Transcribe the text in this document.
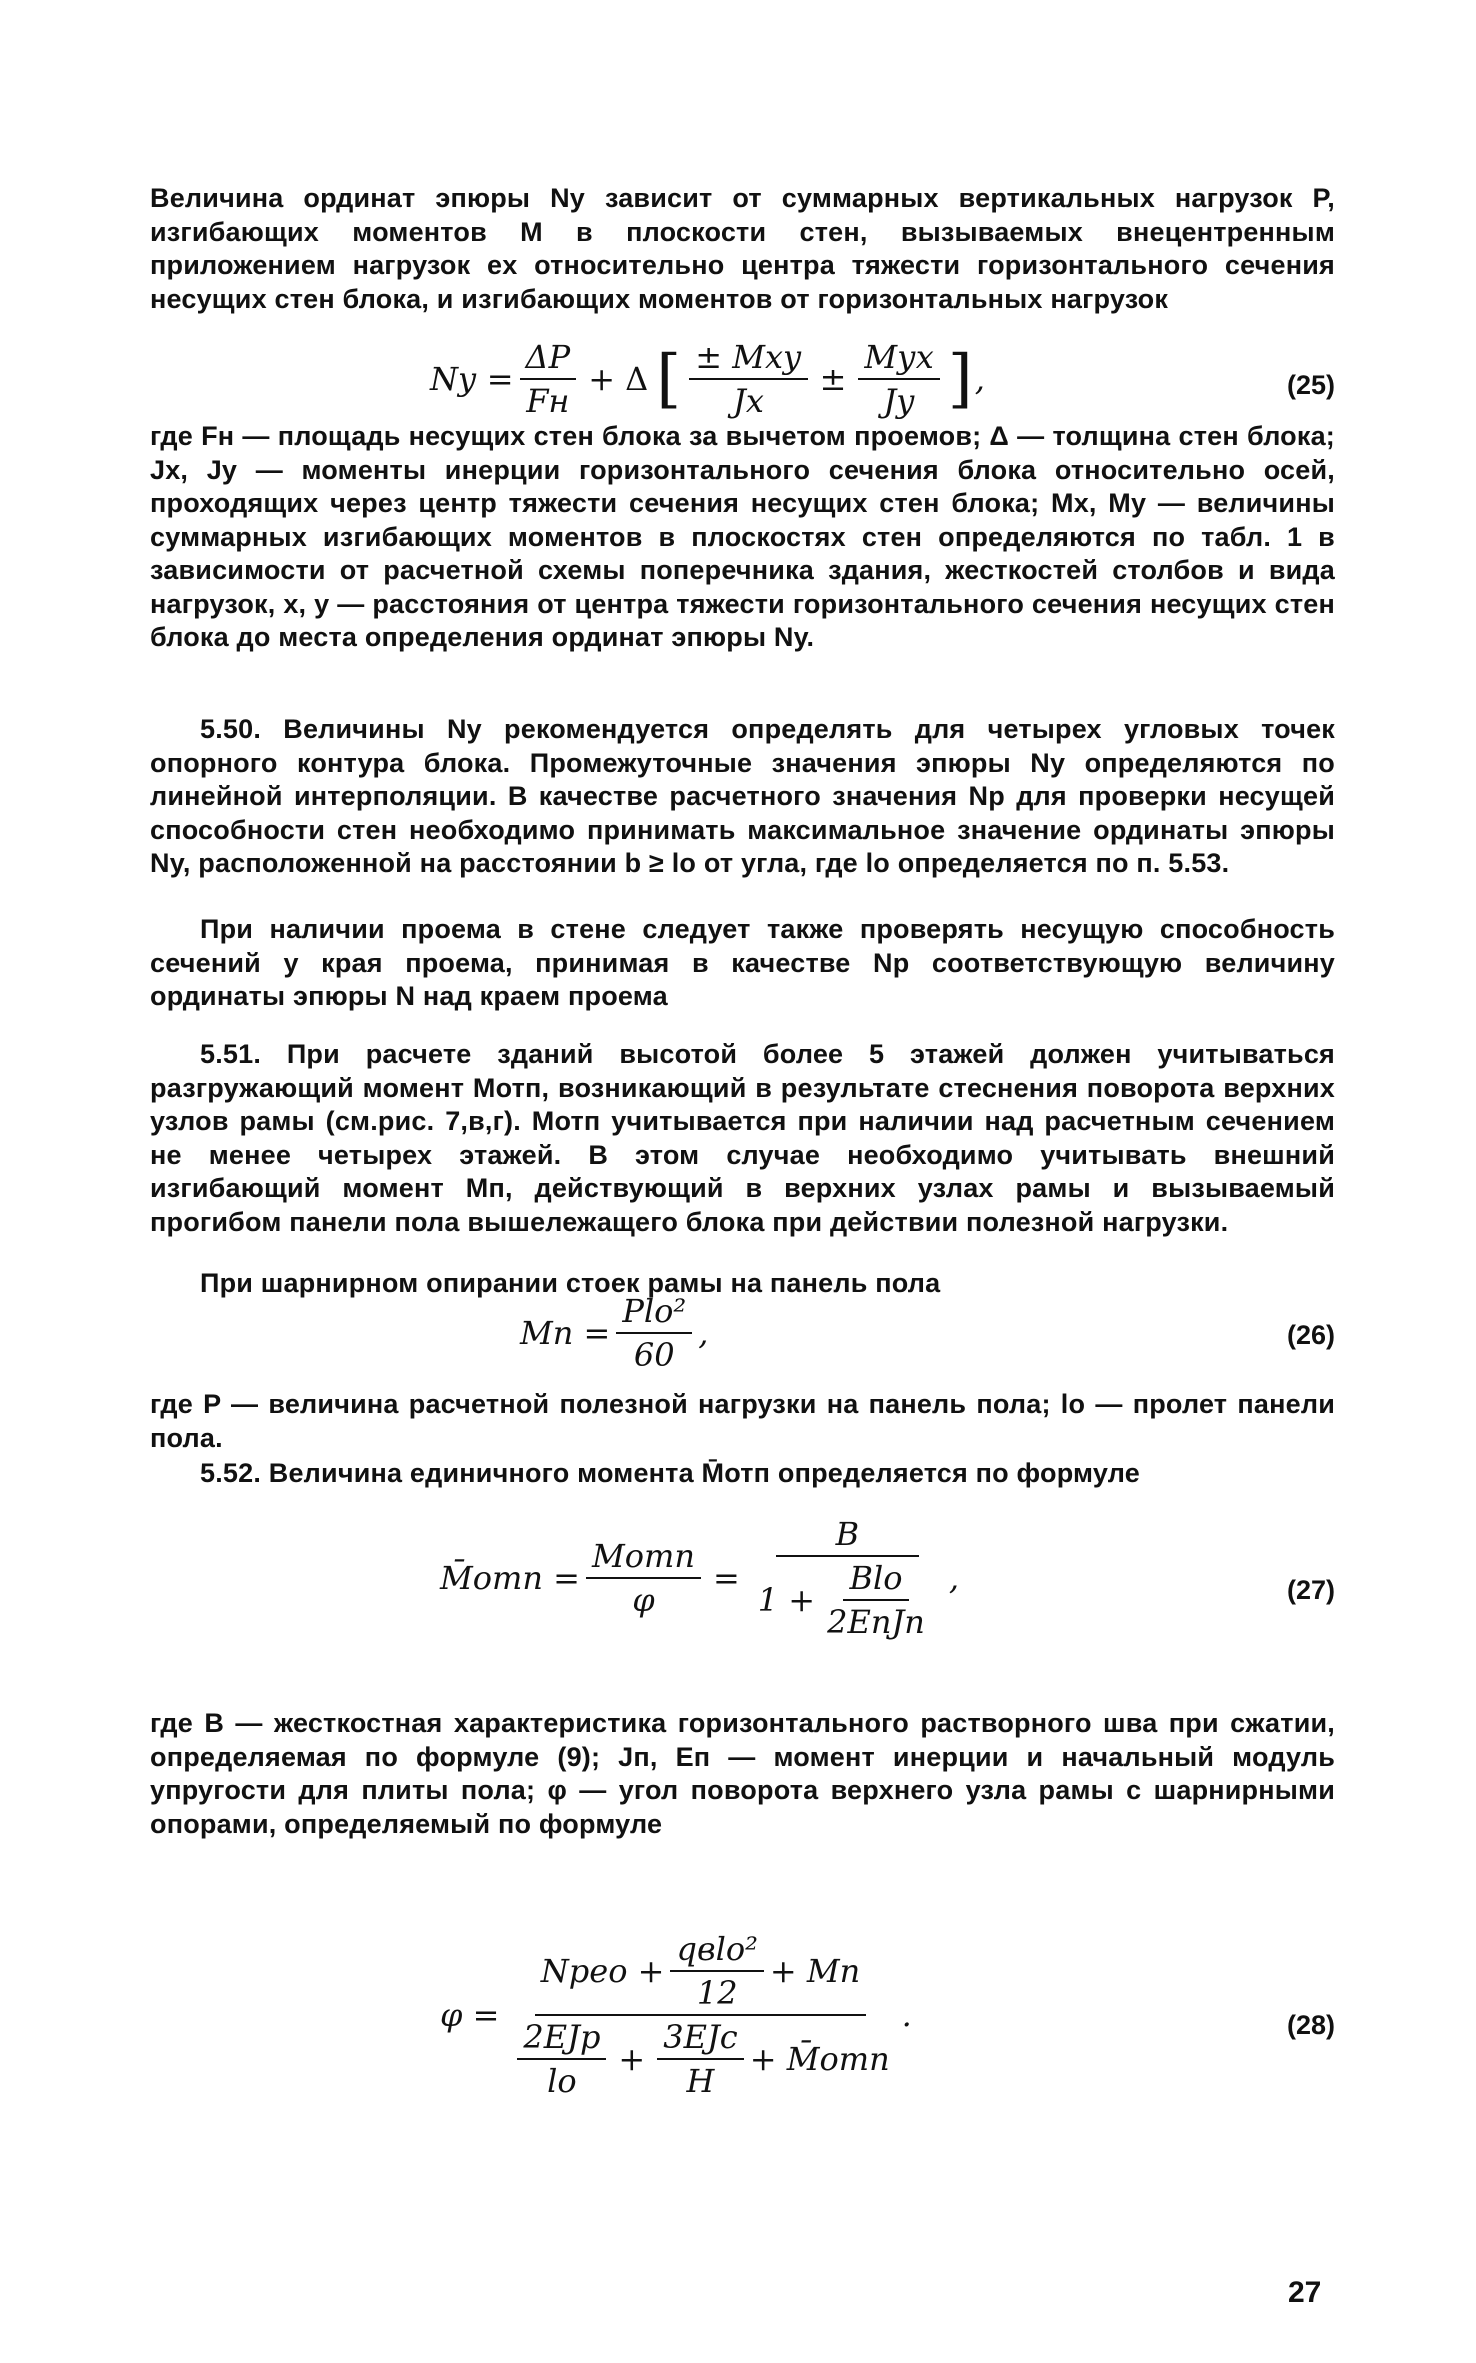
Величина ординат эпюры Nу зависит от суммарных вертикальных нагрузок P, изгибающих моментов M в плоскости стен, вызываемых внецентренным приложением нагрузок ex относительно центра тяжести горизонтального сечения несущих стен блока, и изгибающих моментов от горизонтальных нагрузок

Nу = $\frac{\Delta P}{Fн} + \Delta$ [ $\frac{\text{± Mxу}}{Jx} \pm \frac{\text{Mуx}}{Jу}$ ] ,	(25)

где Fн — площадь несущих стен блока за вычетом проемов; Δ — толщина стен блока; Jx, Jу — моменты инерции горизонтального сечения блока относительно осей, проходящих через центр тяжести сечения несущих стен блока; Mx, Mу — величины суммарных изгибающих моментов в плоскостях стен определяются по табл. 1 в зависимости от расчетной схемы поперечника здания, жесткостей столбов и вида нагрузок, x, у — расстояния от центра тяжести горизонтального сечения несущих стен блока до места определения ординат эпюры Nу.

5.50. Величины Nу рекомендуется определять для четырех угловых точек опорного контура блока. Промежуточные значения эпюры Nу определяются по линейной интерполяции. В качестве расчетного значения Np для проверки несущей способности стен необходимо принимать максимальное значение ординаты эпюры Nу, расположенной на расстоянии b ≥ lo от угла, где lo определяется по п. 5.53.

При наличии проема в стене следует также проверять несущую способность сечений у края проема, принимая в качестве Np соответствующую величину ординаты эпюры N над краем проема

5.51. При расчете зданий высотой более 5 этажей должен учитываться разгружающий момент Mотп, возникающий в результате стеснения поворота верхних узлов рамы (см.рис. 7,в,г). Mотп учитывается при наличии над расчетным сечением не менее четырех этажей. В этом случае необходимо учитывать внешний изгибающий момент Mп, действующий в верхних узлах рамы и вызываемый прогибом панели пола вышележащего блока при действии полезной нагрузки.

При шарнирном опирании стоек рамы на панель пола

Mп = $\frac{\text{Plo²}}{60}$ ,	(26)

где P — величина расчетной полезной нагрузки на панель пола; lo — пролет панели пола.

5.52. Величина единичного момента M̄отп определяется по формуле

M̄отп = $\frac{\text{Mотп}}{\varphi} = \frac{B}{1 + \frac{\text{Blo}}{\text{2EпJп}}}$ ,	(27)

где B — жесткостная характеристика горизонтального растворного шва при сжатии, определяемая по формуле (9); Jп, Eп — момент инерции и начальный модуль упругости для плиты пола; φ — угол поворота верхнего узла рамы с шарнирными опорами, определяемый по формуле

φ =
Npeo + $\frac{\text{qвlo²}}{12}$ + Mп
$\frac{\text{2EJp}}{lo} + \frac{\text{3EJc}}{H}$ + M̄отп
.	(28)
27
